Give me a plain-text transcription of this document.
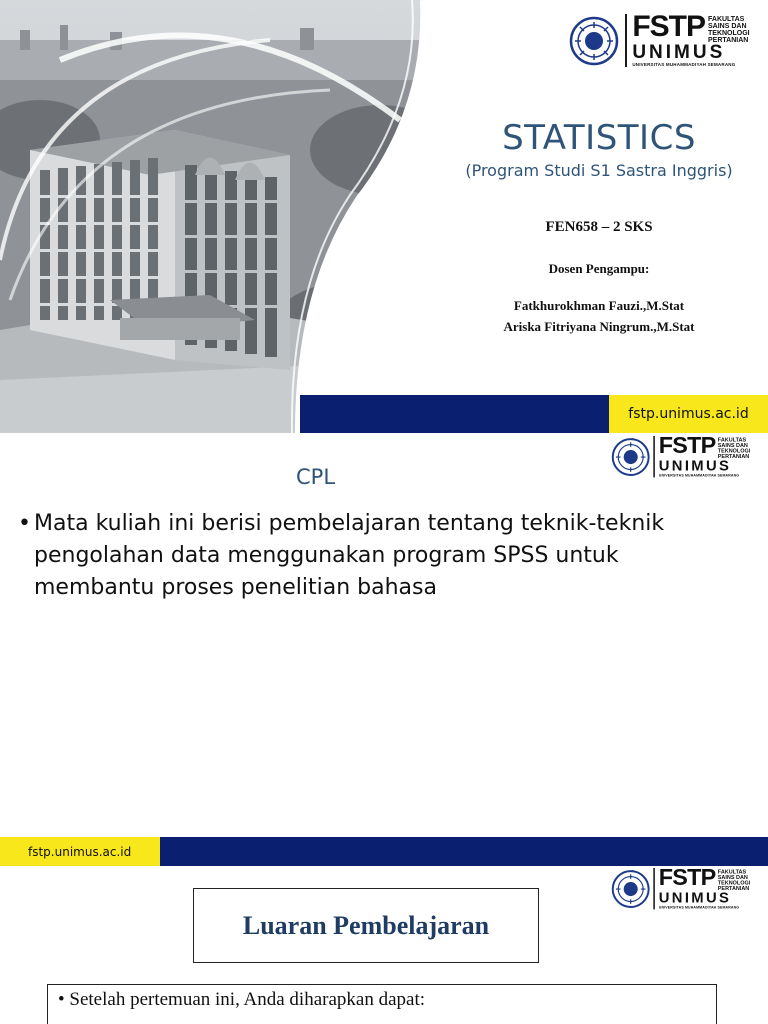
FSTP FAKULTAS SAINS DAN TEKNOLOGI PERTANIAN
UNIMUS
UNIVERSITAS MUHAMMADIYAH SEMARANG
STATISTICS
(Program Studi S1 Sastra Inggris)
FEN658 – 2 SKS
Dosen Pengampu:
Fatkhurokhman Fauzi.,M.Stat
Ariska Fitriyana Ningrum.,M.Stat
fstp.unimus.ac.id
FSTP FAKULTAS SAINS DAN TEKNOLOGI PERTANIAN
UNIMUS
UNIVERSITAS MUHAMMADIYAH SEMARANG
CPL
• Mata kuliah ini berisi pembelajaran tentang teknik-teknik pengolahan data menggunakan program SPSS untuk membantu proses penelitian bahasa
fstp.unimus.ac.id
FSTP FAKULTAS SAINS DAN TEKNOLOGI PERTANIAN
UNIMUS
UNIVERSITAS MUHAMMADIYAH SEMARANG
Luaran Pembelajaran
• Setelah pertemuan ini, Anda diharapkan dapat:
